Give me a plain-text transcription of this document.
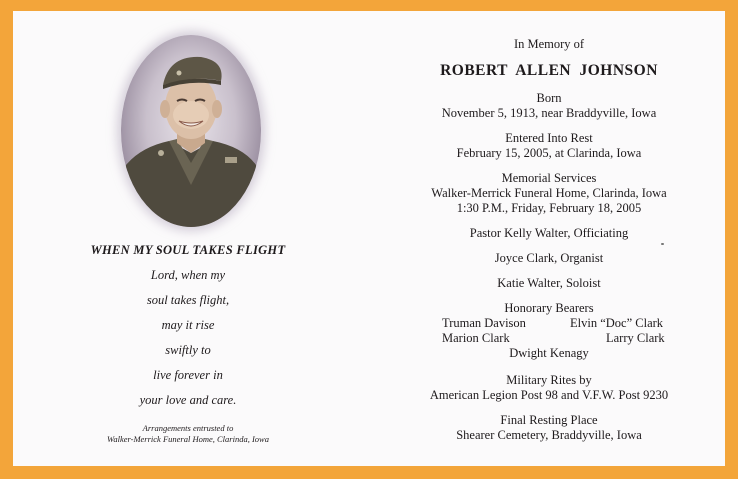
WHEN MY SOUL TAKES FLIGHT
Lord, when my
soul takes flight,
may it rise
swiftly to
live forever in
your love and care.
Arrangements entrusted to
Walker-Merrick Funeral Home, Clarinda, Iowa
In Memory of
ROBERT ALLEN JOHNSON
Born
November 5, 1913, near Braddyville, Iowa
Entered Into Rest
February 15, 2005, at Clarinda, Iowa
Memorial Services
Walker-Merrick Funeral Home, Clarinda, Iowa
1:30 P.M., Friday, February 18, 2005
Pastor Kelly Walter, Officiating
Joyce Clark, Organist
Katie Walter, Soloist
Honorary Bearers
Truman Davison	Elvin “Doc” Clark
Marion Clark	Larry Clark
Dwight Kenagy
Military Rites by
American Legion Post 98 and V.F.W. Post 9230
Final Resting Place
Shearer Cemetery, Braddyville, Iowa
